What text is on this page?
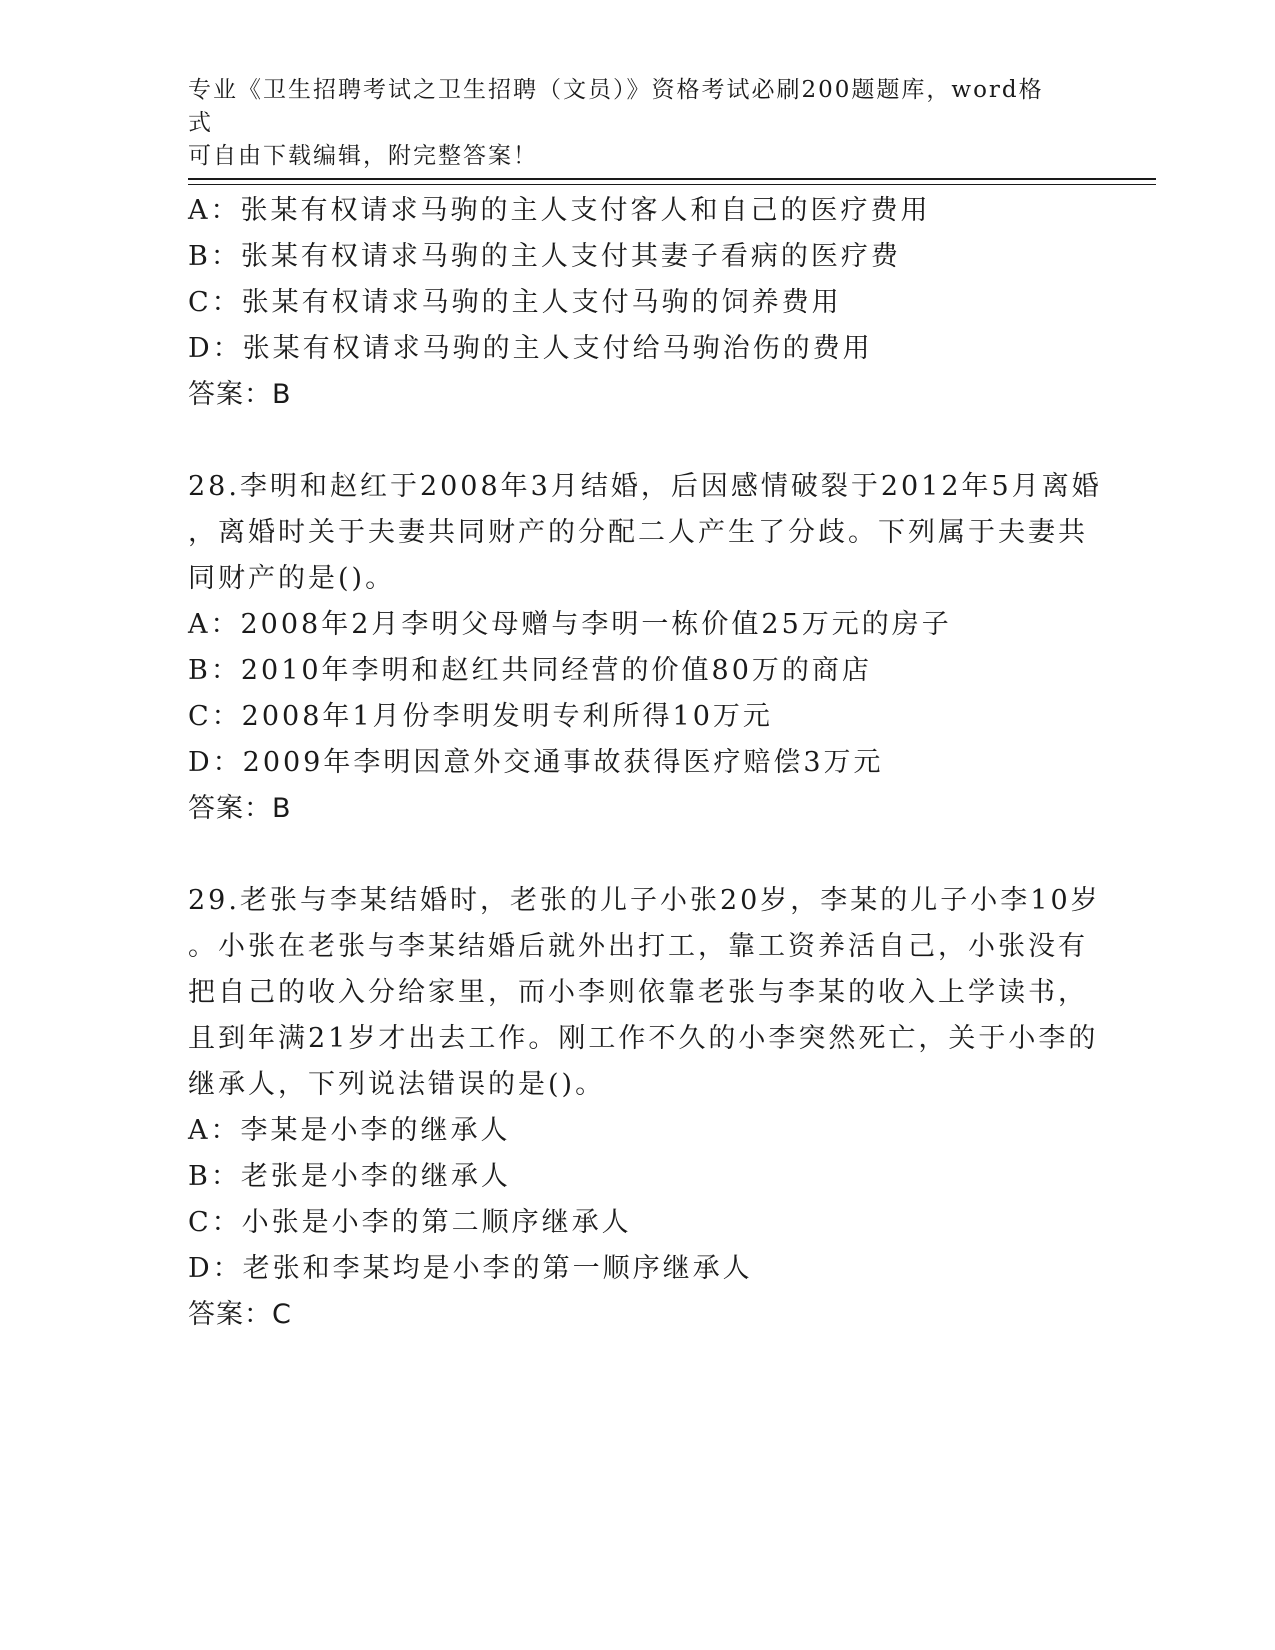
专业《卫生招聘考试之卫生招聘（文员）》资格考试必刷200题题库，word格式
可自由下载编辑，附完整答案！
A：张某有权请求马驹的主人支付客人和自己的医疗费用
B：张某有权请求马驹的主人支付其妻子看病的医疗费
C：张某有权请求马驹的主人支付马驹的饲养费用
D：张某有权请求马驹的主人支付给马驹治伤的费用
答案：B
28.李明和赵红于2008年3月结婚，后因感情破裂于2012年5月离婚
，离婚时关于夫妻共同财产的分配二人产生了分歧。下列属于夫妻共
同财产的是()。
A：2008年2月李明父母赠与李明一栋价值25万元的房子
B：2010年李明和赵红共同经营的价值80万的商店
C：2008年1月份李明发明专利所得10万元
D：2009年李明因意外交通事故获得医疗赔偿3万元
答案：B
29.老张与李某结婚时，老张的儿子小张20岁，李某的儿子小李10岁
。小张在老张与李某结婚后就外出打工，靠工资养活自己，小张没有
把自己的收入分给家里，而小李则依靠老张与李某的收入上学读书，
且到年满21岁才出去工作。刚工作不久的小李突然死亡，关于小李的
继承人，下列说法错误的是()。
A：李某是小李的继承人
B：老张是小李的继承人
C：小张是小李的第二顺序继承人
D：老张和李某均是小李的第一顺序继承人
答案：C
